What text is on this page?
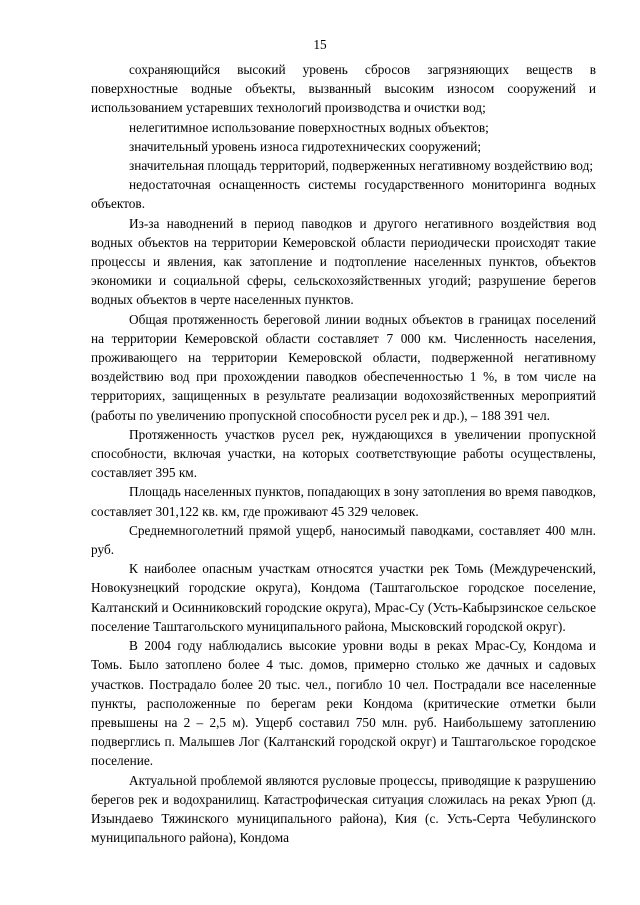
15

сохраняющийся высокий уровень сбросов загрязняющих веществ в поверхностные водные объекты, вызванный высоким износом сооружений и использованием устаревших технологий производства и очистки вод;

нелегитимное использование поверхностных водных объектов;

значительный уровень износа гидротехнических сооружений;

значительная площадь территорий, подверженных негативному воздействию вод;

недостаточная оснащенность системы государственного мониторинга водных объектов.

Из-за наводнений в период паводков и другого негативного воздействия вод водных объектов на территории Кемеровской области периодически происходят такие процессы и явления, как затопление и подтопление населенных пунктов, объектов экономики и социальной сферы, сельскохозяйственных угодий; разрушение берегов водных объектов в черте населенных пунктов.

Общая протяженность береговой линии водных объектов в границах поселений на территории Кемеровской области составляет 7 000 км. Численность населения, проживающего на территории Кемеровской области, подверженной негативному воздействию вод при прохождении паводков обеспеченностью 1 %, в том числе на территориях, защищенных в результате реализации водохозяйственных мероприятий (работы по увеличению пропускной способности русел рек и др.), – 188 391 чел.

Протяженность участков русел рек, нуждающихся в увеличении пропускной способности, включая участки, на которых соответствующие работы осуществлены, составляет 395 км.

Площадь населенных пунктов, попадающих в зону затопления во время паводков, составляет 301,122 кв. км, где проживают 45 329 человек.

Среднемноголетний прямой ущерб, наносимый паводками, составляет 400 млн. руб.

К наиболее опасным участкам относятся участки рек Томь (Междуреченский, Новокузнецкий городские округа), Кондома (Таштагольское городское поселение, Калтанский и Осинниковский городские округа), Мрас-Су (Усть-Кабырзинское сельское поселение Таштагольского муниципального района, Мысковский городской округ).

В 2004 году наблюдались высокие уровни воды в реках Мрас-Су, Кондома и Томь. Было затоплено более 4 тыс. домов, примерно столько же дачных и садовых участков. Пострадало более 20 тыс. чел., погибло 10 чел. Пострадали все населенные пункты, расположенные по берегам реки Кондома (критические отметки были превышены на 2 – 2,5 м). Ущерб составил 750 млн. руб. Наибольшему затоплению подверглись п. Малышев Лог (Калтанский городской округ) и Таштагольское городское поселение.

Актуальной проблемой являются русловые процессы, приводящие к разрушению берегов рек и водохранилищ. Катастрофическая ситуация сложилась на реках Урюп (д. Изындаево Тяжинского муниципального района), Кия (с. Усть-Серта Чебулинского муниципального района), Кондома
